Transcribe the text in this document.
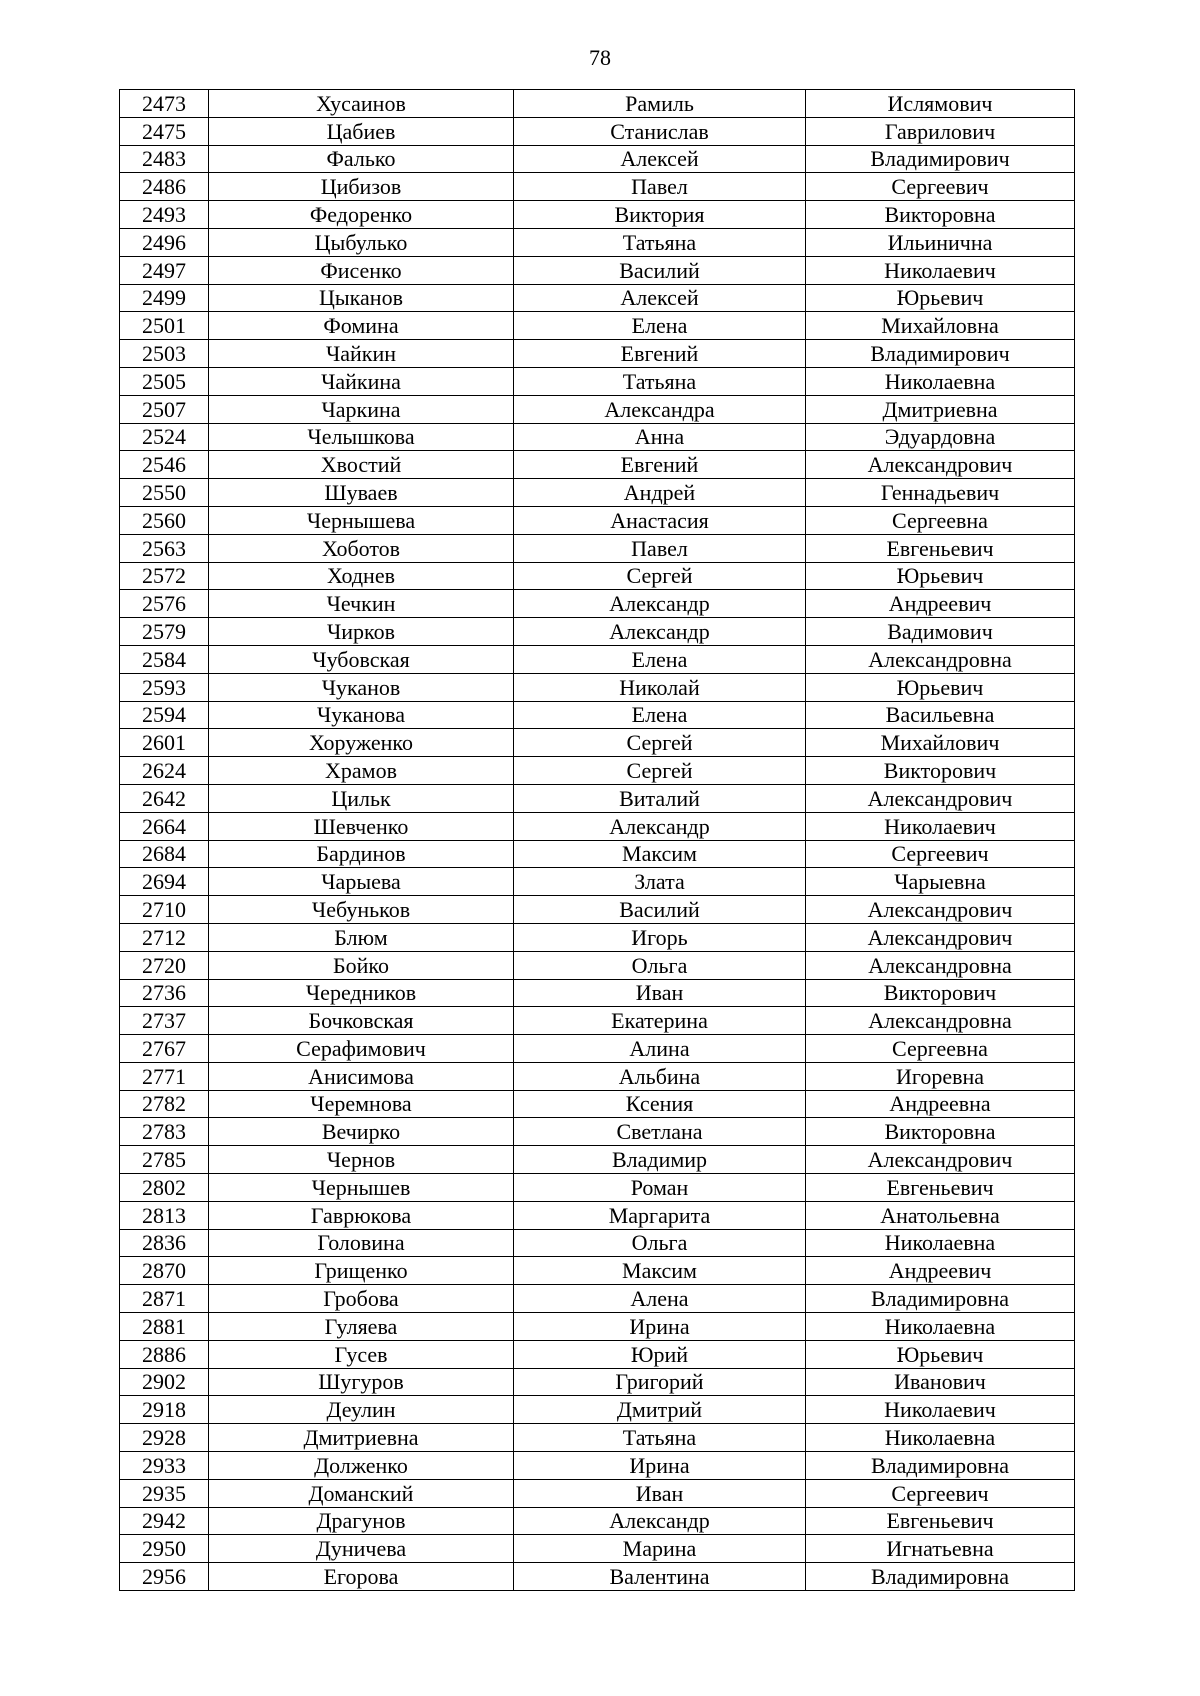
78
2473	Хусаинов	Рамиль	Ислямович
2475	Цабиев	Станислав	Гаврилович
2483	Фалько	Алексей	Владимирович
2486	Цибизов	Павел	Сергеевич
2493	Федоренко	Виктория	Викторовна
2496	Цыбулько	Татьяна	Ильинична
2497	Фисенко	Василий	Николаевич
2499	Цыканов	Алексей	Юрьевич
2501	Фомина	Елена	Михайловна
2503	Чайкин	Евгений	Владимирович
2505	Чайкина	Татьяна	Николаевна
2507	Чаркина	Александра	Дмитриевна
2524	Челышкова	Анна	Эдуардовна
2546	Хвостий	Евгений	Александрович
2550	Шуваев	Андрей	Геннадьевич
2560	Чернышева	Анастасия	Сергеевна
2563	Хоботов	Павел	Евгеньевич
2572	Ходнев	Сергей	Юрьевич
2576	Чечкин	Александр	Андреевич
2579	Чирков	Александр	Вадимович
2584	Чубовская	Елена	Александровна
2593	Чуканов	Николай	Юрьевич
2594	Чуканова	Елена	Васильевна
2601	Хоруженко	Сергей	Михайлович
2624	Храмов	Сергей	Викторович
2642	Цильк	Виталий	Александрович
2664	Шевченко	Александр	Николаевич
2684	Бардинов	Максим	Сергеевич
2694	Чарыева	Злата	Чарыевна
2710	Чебуньков	Василий	Александрович
2712	Блюм	Игорь	Александрович
2720	Бойко	Ольга	Александровна
2736	Чередников	Иван	Викторович
2737	Бочковская	Екатерина	Александровна
2767	Серафимович	Алина	Сергеевна
2771	Анисимова	Альбина	Игоревна
2782	Черемнова	Ксения	Андреевна
2783	Вечирко	Светлана	Викторовна
2785	Чернов	Владимир	Александрович
2802	Чернышев	Роман	Евгеньевич
2813	Гаврюкова	Маргарита	Анатольевна
2836	Головина	Ольга	Николаевна
2870	Грищенко	Максим	Андреевич
2871	Гробова	Алена	Владимировна
2881	Гуляева	Ирина	Николаевна
2886	Гусев	Юрий	Юрьевич
2902	Шугуров	Григорий	Иванович
2918	Деулин	Дмитрий	Николаевич
2928	Дмитриевна	Татьяна	Николаевна
2933	Долженко	Ирина	Владимировна
2935	Доманский	Иван	Сергеевич
2942	Драгунов	Александр	Евгеньевич
2950	Дуничева	Марина	Игнатьевна
2956	Егорова	Валентина	Владимировна
